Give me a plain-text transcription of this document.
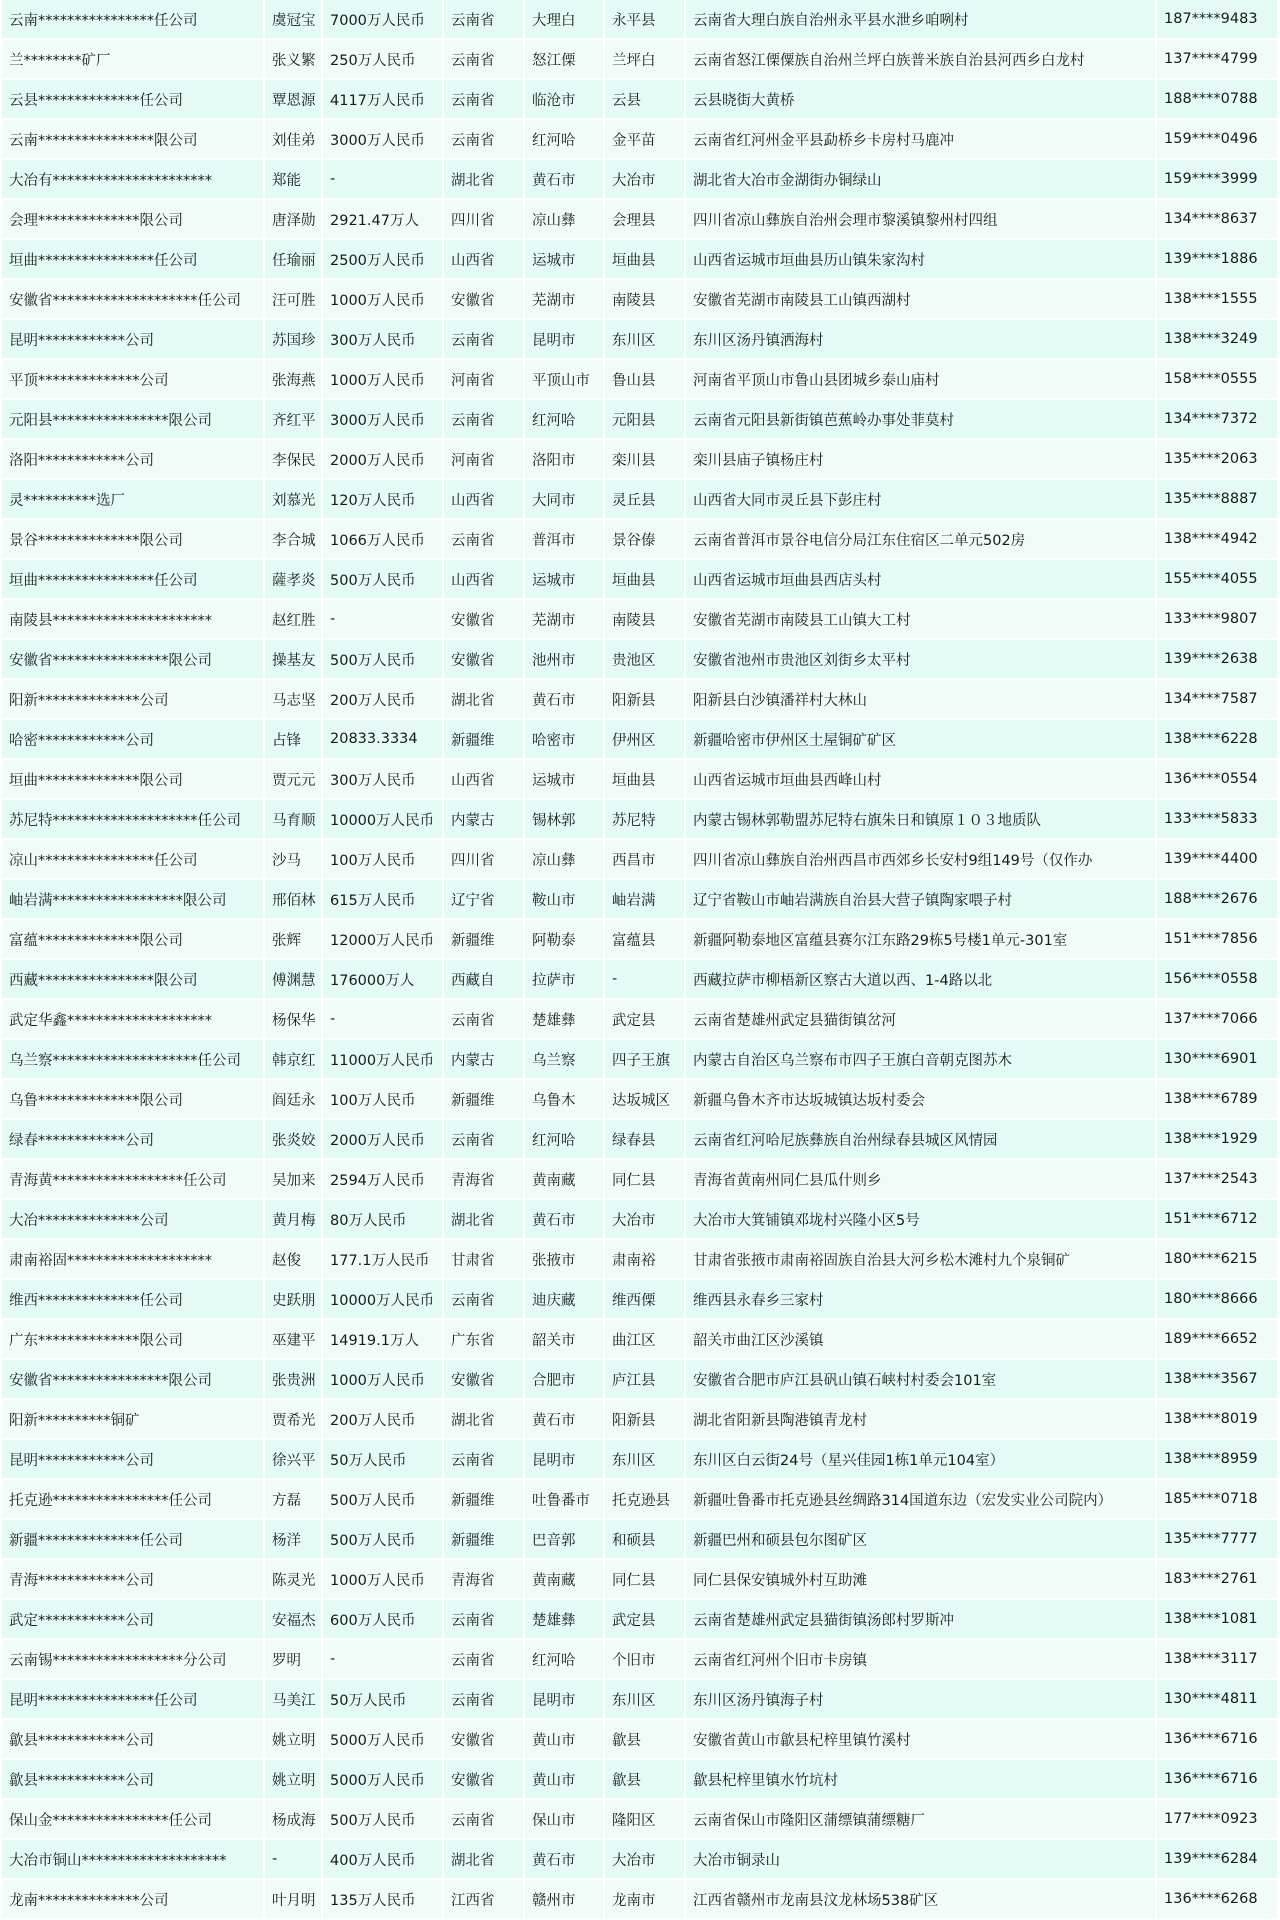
云南****************任公司	虞冠宝	7000万人民币	云南省	大理白	永平县	云南省大理白族自治州永平县水泄乡咱咧村	187****9483
兰********矿厂	张义繁	250万人民币	云南省	怒江傈	兰坪白	云南省怒江傈僳族自治州兰坪白族普米族自治县河西乡白龙村	137****4799
云县**************任公司	覃恩源	4117万人民币	云南省	临沧市	云县	云县晓街大黄桥	188****0788
云南****************限公司	刘佳弟	3000万人民币	云南省	红河哈	金平苗	云南省红河州金平县勐桥乡卡房村马鹿冲	159****0496
大冶有**********************	郑能	-	湖北省	黄石市	大冶市	湖北省大冶市金湖街办铜绿山	159****3999
会理**************限公司	唐泽勋	2921.47万人	四川省	凉山彝	会理县	四川省凉山彝族自治州会理市黎溪镇黎州村四组	134****8637
垣曲****************任公司	任瑜丽	2500万人民币	山西省	运城市	垣曲县	山西省运城市垣曲县历山镇朱家沟村	139****1886
安徽省********************任公司	汪可胜	1000万人民币	安徽省	芜湖市	南陵县	安徽省芜湖市南陵县工山镇西湖村	138****1555
昆明************公司	苏国珍	300万人民币	云南省	昆明市	东川区	东川区汤丹镇洒海村	138****3249
平顶**************公司	张海燕	1000万人民币	河南省	平顶山市	鲁山县	河南省平顶山市鲁山县团城乡泰山庙村	158****0555
元阳县****************限公司	齐红平	3000万人民币	云南省	红河哈	元阳县	云南省元阳县新街镇芭蕉岭办事处菲莫村	134****7372
洛阳************公司	李保民	2000万人民币	河南省	洛阳市	栾川县	栾川县庙子镇杨庄村	135****2063
灵**********选厂	刘慕光	120万人民币	山西省	大同市	灵丘县	山西省大同市灵丘县下彭庄村	135****8887
景谷**************限公司	李合城	1066万人民币	云南省	普洱市	景谷傣	云南省普洱市景谷电信分局江东住宿区二单元502房	138****4942
垣曲****************任公司	薩孝炎	500万人民币	山西省	运城市	垣曲县	山西省运城市垣曲县西店头村	155****4055
南陵县**********************	赵红胜	-	安徽省	芜湖市	南陵县	安徽省芜湖市南陵县工山镇大工村	133****9807
安徽省****************限公司	操基友	500万人民币	安徽省	池州市	贵池区	安徽省池州市贵池区刘街乡太平村	139****2638
阳新**************公司	马志坚	200万人民币	湖北省	黄石市	阳新县	阳新县白沙镇潘祥村大林山	134****7587
哈密************公司	占锋	20833.3334	新疆维	哈密市	伊州区	新疆哈密市伊州区土屋铜矿矿区	138****6228
垣曲**************限公司	贾元元	300万人民币	山西省	运城市	垣曲县	山西省运城市垣曲县西峰山村	136****0554
苏尼特********************任公司	马育顺	10000万人民币	内蒙古	锡林郭	苏尼特	内蒙古锡林郭勒盟苏尼特右旗朱日和镇原１０３地质队	133****5833
凉山****************任公司	沙马	100万人民币	四川省	凉山彝	西昌市	四川省凉山彝族自治州西昌市西郊乡长安村9组149号（仅作办	139****4400
岫岩满******************限公司	邢佰林	615万人民币	辽宁省	鞍山市	岫岩满	辽宁省鞍山市岫岩满族自治县大营子镇陶家喂子村	188****2676
富蕴**************限公司	张辉	12000万人民币	新疆维	阿勒泰	富蕴县	新疆阿勒泰地区富蕴县赛尔江东路29栋5号楼1单元-301室	151****7856
西藏****************限公司	傅渊慧	176000万人	西藏自	拉萨市	-	西藏拉萨市柳梧新区察古大道以西、1-4路以北	156****0558
武定华鑫********************	杨保华	-	云南省	楚雄彝	武定县	云南省楚雄州武定县猫街镇岔河	137****7066
乌兰察********************任公司	韩京红	11000万人民币	内蒙古	乌兰察	四子王旗	内蒙古自治区乌兰察布市四子王旗白音朝克图苏木	130****6901
乌鲁**************限公司	阎廷永	100万人民币	新疆维	乌鲁木	达坂城区	新疆乌鲁木齐市达坂城镇达坂村委会	138****6789
绿春************公司	张炎姣	2000万人民币	云南省	红河哈	绿春县	云南省红河哈尼族彝族自治州绿春县城区风情园	138****1929
青海黄******************任公司	吴加来	2594万人民币	青海省	黄南藏	同仁县	青海省黄南州同仁县瓜什则乡	137****2543
大冶**************公司	黄月梅	80万人民币	湖北省	黄石市	大冶市	大冶市大箕铺镇邓垅村兴隆小区5号	151****6712
肃南裕固********************	赵俊	177.1万人民币	甘肃省	张掖市	肃南裕	甘肃省张掖市肃南裕固族自治县大河乡松木滩村九个泉铜矿	180****6215
维西**************任公司	史跃朋	10000万人民币	云南省	迪庆藏	维西傈	维西县永春乡三家村	180****8666
广东**************限公司	巫建平	14919.1万人	广东省	韶关市	曲江区	韶关市曲江区沙溪镇	189****6652
安徽省****************限公司	张贵洲	1000万人民币	安徽省	合肥市	庐江县	安徽省合肥市庐江县矾山镇石峡村村委会101室	138****3567
阳新**********铜矿	贾希光	200万人民币	湖北省	黄石市	阳新县	湖北省阳新县陶港镇青龙村	138****8019
昆明************公司	徐兴平	50万人民币	云南省	昆明市	东川区	东川区白云街24号（星兴佳园1栋1单元104室）	138****8959
托克逊****************任公司	方磊	500万人民币	新疆维	吐鲁番市	托克逊县	新疆吐鲁番市托克逊县丝绸路314国道东边（宏发实业公司院内）	185****0718
新疆**************任公司	杨洋	500万人民币	新疆维	巴音郭	和硕县	新疆巴州和硕县包尔图矿区	135****7777
青海************公司	陈灵光	1000万人民币	青海省	黄南藏	同仁县	同仁县保安镇城外村互助滩	183****2761
武定************公司	安福杰	600万人民币	云南省	楚雄彝	武定县	云南省楚雄州武定县猫街镇汤郎村罗斯冲	138****1081
云南锡******************分公司	罗明	-	云南省	红河哈	个旧市	云南省红河州个旧市卡房镇	138****3117
昆明****************任公司	马美江	50万人民币	云南省	昆明市	东川区	东川区汤丹镇海子村	130****4811
歙县************公司	姚立明	5000万人民币	安徽省	黄山市	歙县	安徽省黄山市歙县杞梓里镇竹溪村	136****6716
歙县************公司	姚立明	5000万人民币	安徽省	黄山市	歙县	歙县杞梓里镇水竹坑村	136****6716
保山金****************任公司	杨成海	500万人民币	云南省	保山市	隆阳区	云南省保山市隆阳区蒲缥镇蒲缥糖厂	177****0923
大冶市铜山********************	-	400万人民币	湖北省	黄石市	大冶市	大冶市铜录山	139****6284
龙南**************公司	叶月明	135万人民币	江西省	赣州市	龙南市	江西省赣州市龙南县汶龙林场538矿区	136****6268
